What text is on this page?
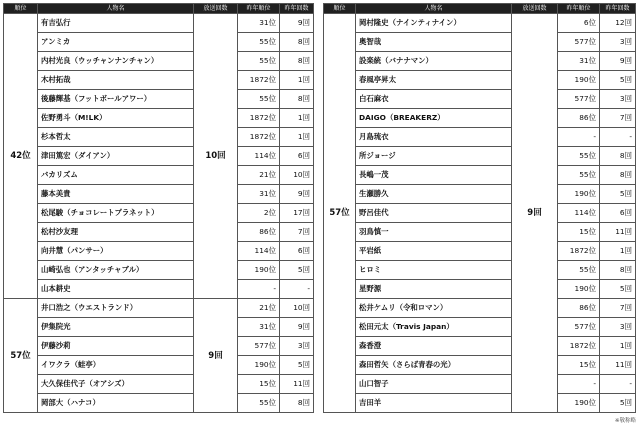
順位	人物名	放送回数	昨年順位	昨年回数
42位	有吉弘行	10回	31位	9回
	アンミカ		55位	8回
	内村光良（ウッチャンナンチャン）		55位	8回
	木村拓哉		1872位	1回
	後藤輝基（フットボールアワー）		55位	8回
	佐野勇斗（M!LK）		1872位	1回
	杉本哲太		1872位	1回
	津田篤宏（ダイアン）		114位	6回
	バカリズム		21位	10回
	藤本美貴		31位	9回
	松尾駿（チョコレートプラネット）		2位	17回
	松村沙友理		86位	7回
	向井慧（パンサー）		114位	6回
	山崎弘也（アンタッチャブル）		190位	5回
	山本耕史		-	-
57位	井口浩之（ウエストランド）	9回	21位	10回
	伊集院光		31位	9回
	伊藤沙莉		577位	3回
	イワクラ（蛙亭）		190位	5回
	大久保佳代子（オアシズ）		15位	11回
	岡部大（ハナコ）		55位	8回
順位	人物名	放送回数	昨年順位	昨年回数
57位	岡村隆史（ナインティナイン）	9回	6位	12回
	奥智哉		577位	3回
	設楽統（バナナマン）		31位	9回
	春風亭昇太		190位	5回
	白石麻衣		577位	3回
	DAIGO（BREAKERZ）		86位	7回
	月島琉衣		-	-
	所ジョージ		55位	8回
	長嶋一茂		55位	8回
	生瀬勝久		190位	5回
	野呂佳代		114位	6回
	羽鳥慎一		15位	11回
	平岩紙		1872位	1回
	ヒロミ		55位	8回
	星野源		190位	5回
	松井ケムリ（令和ロマン）		86位	7回
	松田元太（Travis Japan）		577位	3回
	森香澄		1872位	1回
	森田哲矢（さらば青春の光）		15位	11回
	山口智子		-	-
	吉田羊		190位	5回
※敬称略
